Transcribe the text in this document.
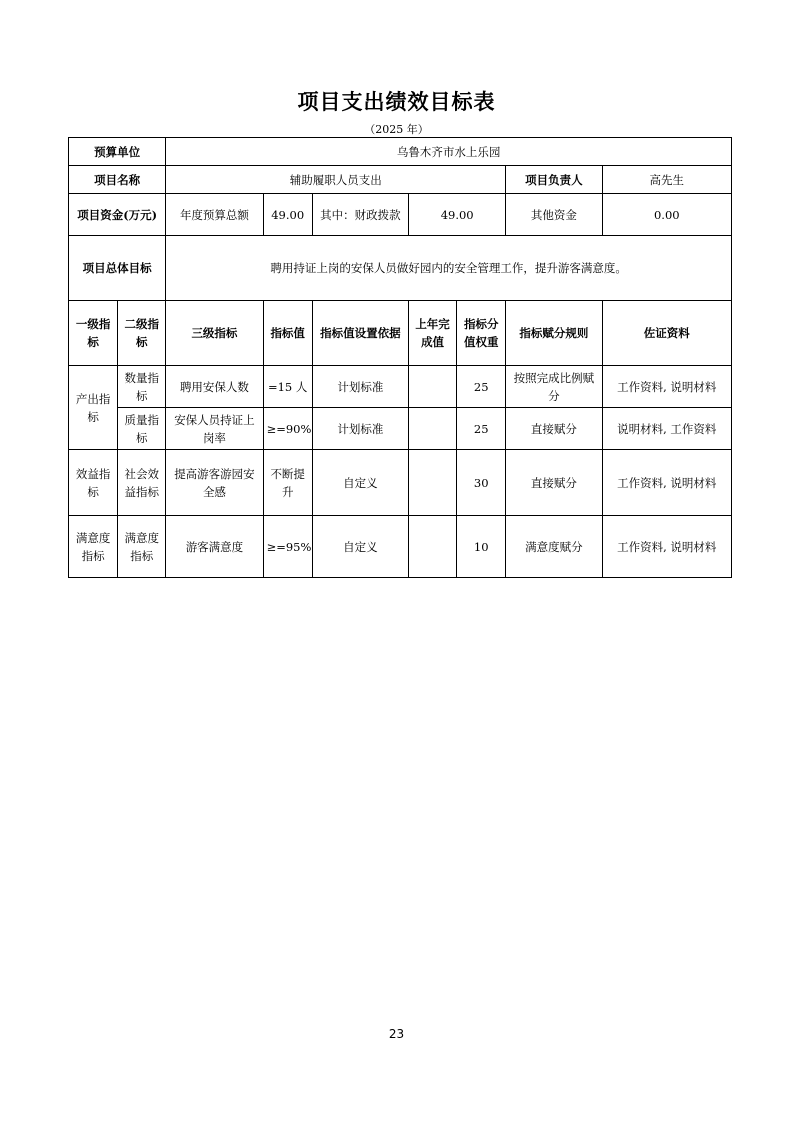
项目支出绩效目标表
（2025 年）
预算单位		乌鲁木齐市水上乐园						
项目名称		辅助履职人员支出					项目负责人	高先生
项目资金(万元)		年度预算总额	49.00	其中：财政拨款	49.00		其他资金	0.00
项目总体目标		聘用持证上岗的安保人员做好园内的安全管理工作，提升游客满意度。						
一级指标	二级指标	三级指标	指标值	指标值设置依据	上年完成值	指标分值权重	指标赋分规则	佐证资料
产出指标	数量指标	聘用安保人数	=15 人	计划标准		25	按照完成比例赋分	工作资料, 说明材料
	质量指标	安保人员持证上岗率	≥=90%	计划标准		25	直接赋分	说明材料, 工作资料
效益指标	社会效益指标	提高游客游园安全感	不断提升	自定义		30	直接赋分	工作资料, 说明材料
满意度指标	满意度指标	游客满意度	≥=95%	自定义		10	满意度赋分	工作资料, 说明材料
23
